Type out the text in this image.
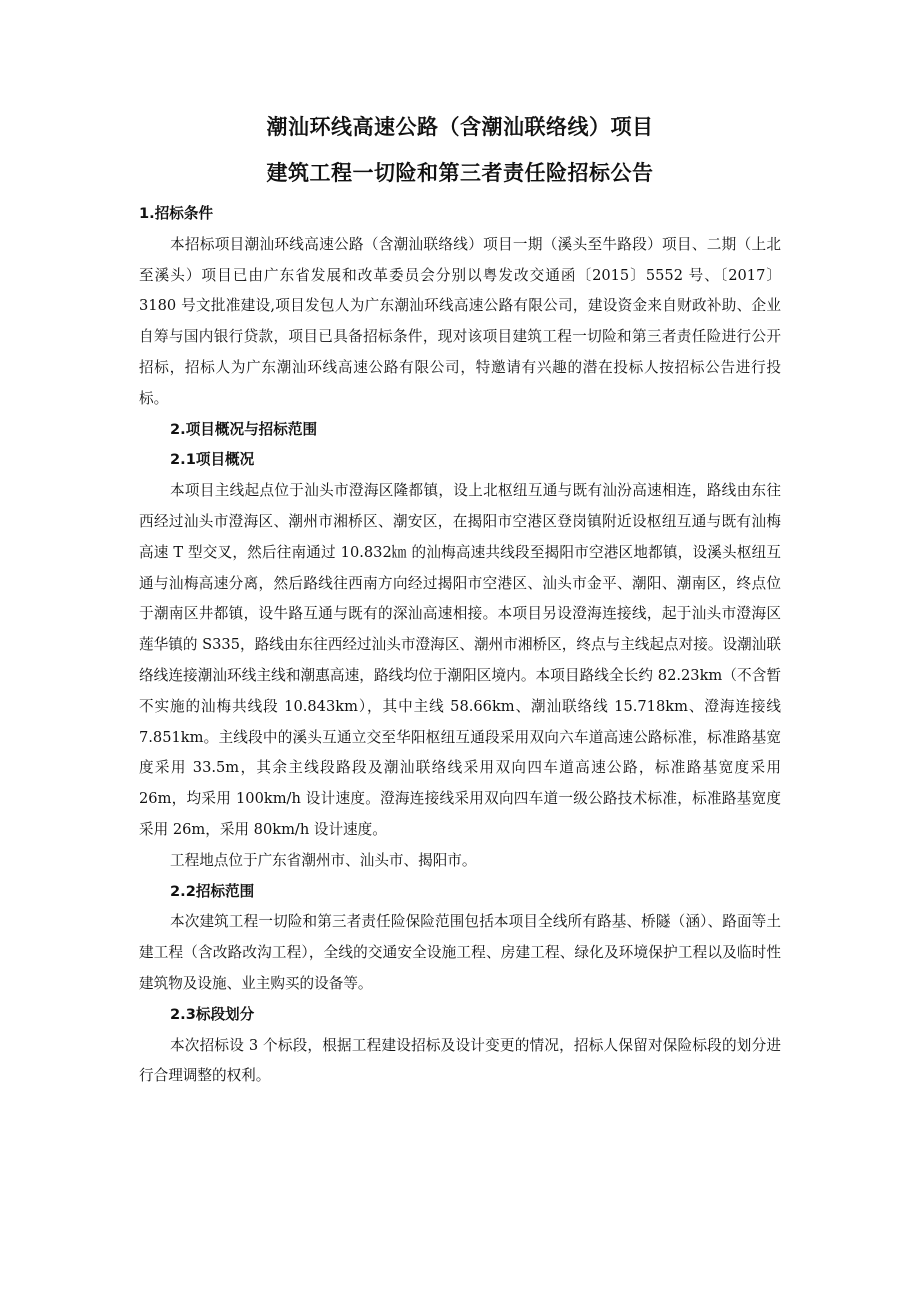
潮汕环线高速公路（含潮汕联络线）项目
建筑工程一切险和第三者责任险招标公告

1.招标条件

本招标项目潮汕环线高速公路（含潮汕联络线）项目一期（溪头至牛路段）项目、二期（上北至溪头）项目已由广东省发展和改革委员会分别以粤发改交通函〔2015〕5552 号、〔2017〕3180 号文批准建设,项目发包人为广东潮汕环线高速公路有限公司，建设资金来自财政补助、企业自筹与国内银行贷款，项目已具备招标条件，现对该项目建筑工程一切险和第三者责任险进行公开招标，招标人为广东潮汕环线高速公路有限公司，特邀请有兴趣的潜在投标人按招标公告进行投标。

2.项目概况与招标范围

2.1项目概况

本项目主线起点位于汕头市澄海区隆都镇，设上北枢纽互通与既有汕汾高速相连，路线由东往西经过汕头市澄海区、潮州市湘桥区、潮安区，在揭阳市空港区登岗镇附近设枢纽互通与既有汕梅高速 T 型交叉，然后往南通过 10.832㎞ 的汕梅高速共线段至揭阳市空港区地都镇，设溪头枢纽互通与汕梅高速分离，然后路线往西南方向经过揭阳市空港区、汕头市金平、潮阳、潮南区，终点位于潮南区井都镇，设牛路互通与既有的深汕高速相接。本项目另设澄海连接线，起于汕头市澄海区莲华镇的 S335，路线由东往西经过汕头市澄海区、潮州市湘桥区，终点与主线起点对接。设潮汕联络线连接潮汕环线主线和潮惠高速，路线均位于潮阳区境内。本项目路线全长约 82.23km（不含暂不实施的汕梅共线段 10.843km），其中主线 58.66km、潮汕联络线 15.718km、澄海连接线 7.851km。主线段中的溪头互通立交至华阳枢纽互通段采用双向六车道高速公路标准，标准路基宽度采用 33.5m，其余主线段路段及潮汕联络线采用双向四车道高速公路，标准路基宽度采用 26m，均采用 100km/h 设计速度。澄海连接线采用双向四车道一级公路技术标准，标准路基宽度采用 26m，采用 80km/h 设计速度。

工程地点位于广东省潮州市、汕头市、揭阳市。

2.2招标范围

本次建筑工程一切险和第三者责任险保险范围包括本项目全线所有路基、桥隧（涵）、路面等土建工程（含改路改沟工程），全线的交通安全设施工程、房建工程、绿化及环境保护工程以及临时性建筑物及设施、业主购买的设备等。

2.3标段划分

本次招标设 3 个标段，根据工程建设招标及设计变更的情况，招标人保留对保险标段的划分进行合理调整的权利。
